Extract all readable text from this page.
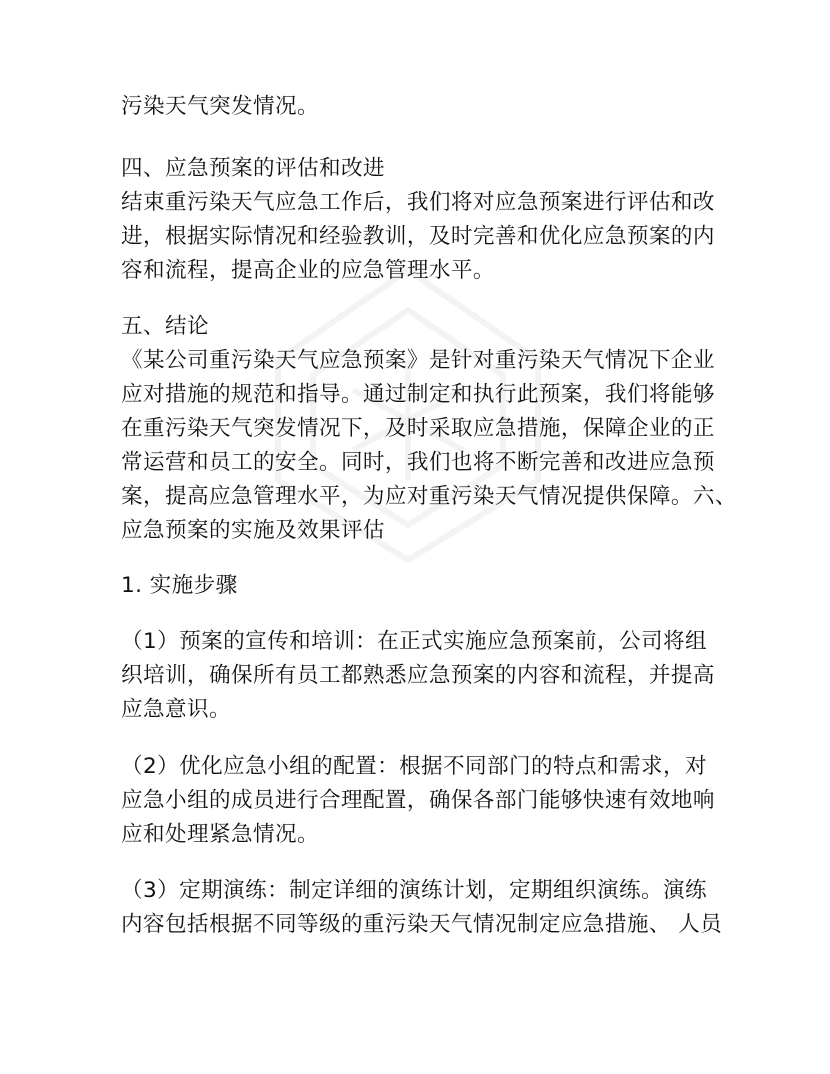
污染天气突发情况。

四、应急预案的评估和改进

结束重污染天气应急工作后，我们将对应急预案进行评估和改

进，根据实际情况和经验教训，及时完善和优化应急预案的内

容和流程，提高企业的应急管理水平。

五、结论

《某公司重污染天气应急预案》是针对重污染天气情况下企业

应对措施的规范和指导。通过制定和执行此预案，我们将能够

在重污染天气突发情况下，及时采取应急措施，保障企业的正

常运营和员工的安全。同时，我们也将不断完善和改进应急预

案，提高应急管理水平，为应对重污染天气情况提供保障。六、

应急预案的实施及效果评估

1. 实施步骤

（1）预案的宣传和培训：在正式实施应急预案前，公司将组

织培训，确保所有员工都熟悉应急预案的内容和流程，并提高

应急意识。

（2）优化应急小组的配置：根据不同部门的特点和需求，对

应急小组的成员进行合理配置，确保各部门能够快速有效地响

应和处理紧急情况。

（3）定期演练：制定详细的演练计划，定期组织演练。演练

内容包括根据不同等级的重污染天气情况制定应急措施、 人员
